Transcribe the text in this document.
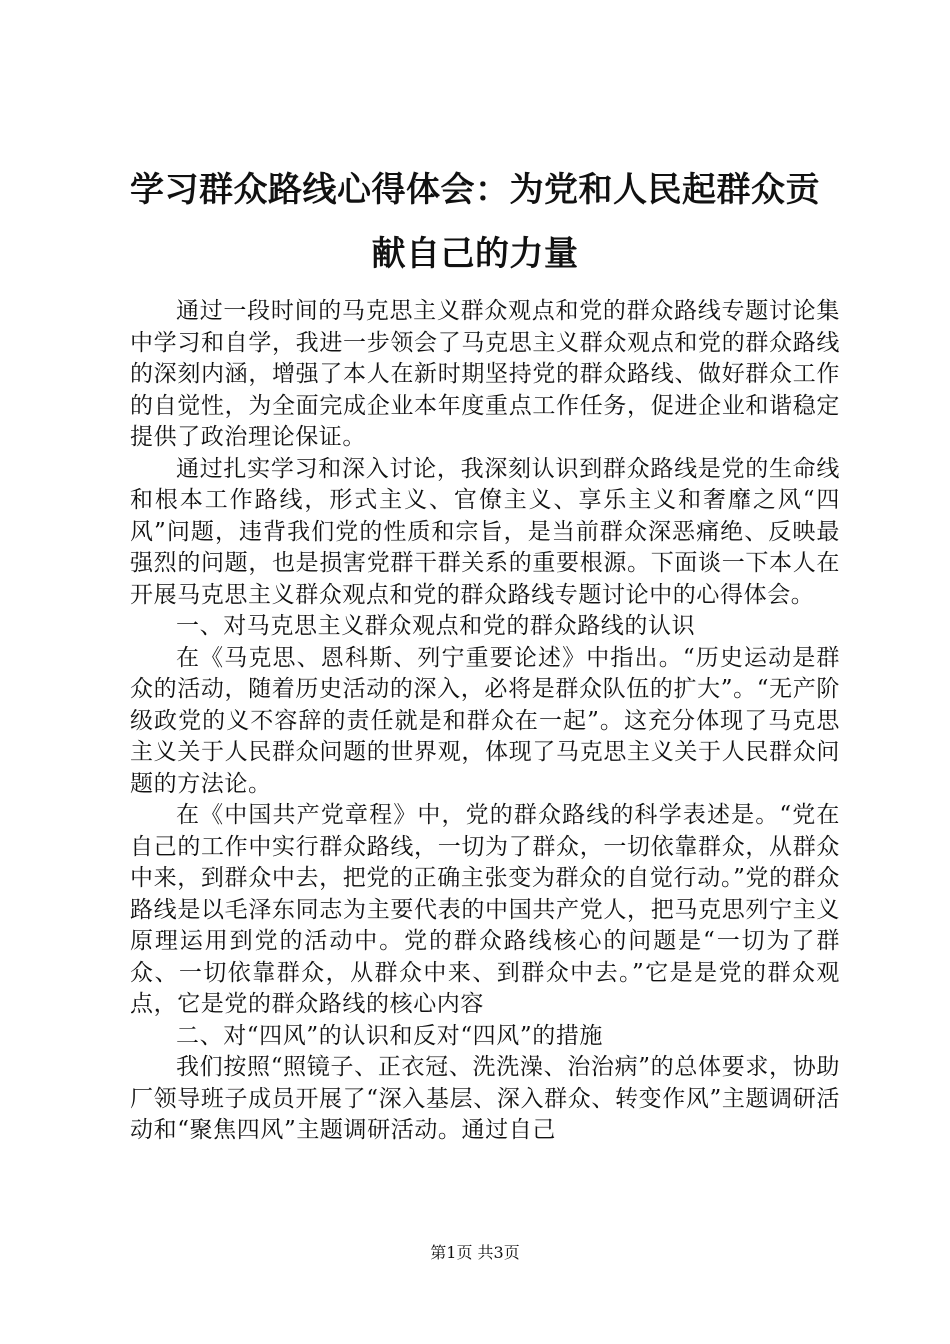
学习群众路线心得体会：为党和人民起群众贡献自己的力量

通过一段时间的马克思主义群众观点和党的群众路线专题讨论集中学习和自学，我进一步领会了马克思主义群众观点和党的群众路线的深刻内涵，增强了本人在新时期坚持党的群众路线、做好群众工作的自觉性，为全面完成企业本年度重点工作任务，促进企业和谐稳定提供了政治理论保证。

通过扎实学习和深入讨论，我深刻认识到群众路线是党的生命线和根本工作路线，形式主义、官僚主义、享乐主义和奢靡之风“四风”问题，违背我们党的性质和宗旨，是当前群众深恶痛绝、反映最强烈的问题，也是损害党群干群关系的重要根源。下面谈一下本人在开展马克思主义群众观点和党的群众路线专题讨论中的心得体会。

一、对马克思主义群众观点和党的群众路线的认识

在《马克思、恩科斯、列宁重要论述》中指出。“历史运动是群众的活动，随着历史活动的深入，必将是群众队伍的扩大”。“无产阶级政党的义不容辞的责任就是和群众在一起”。这充分体现了马克思主义关于人民群众问题的世界观，体现了马克思主义关于人民群众问题的方法论。

在《中国共产党章程》中，党的群众路线的科学表述是。“党在自己的工作中实行群众路线，一切为了群众，一切依靠群众，从群众中来，到群众中去，把党的正确主张变为群众的自觉行动。”党的群众路线是以毛泽东同志为主要代表的中国共产党人，把马克思列宁主义原理运用到党的活动中。党的群众路线核心的问题是“一切为了群众、一切依靠群众，从群众中来、到群众中去。”它是是党的群众观点，它是党的群众路线的核心内容

二、对“四风”的认识和反对“四风”的措施

我们按照“照镜子、正衣冠、洗洗澡、治治病”的总体要求，协助厂领导班子成员开展了“深入基层、深入群众、转变作风”主题调研活动和“聚焦四风”主题调研活动。通过自己

第1页 共3页
